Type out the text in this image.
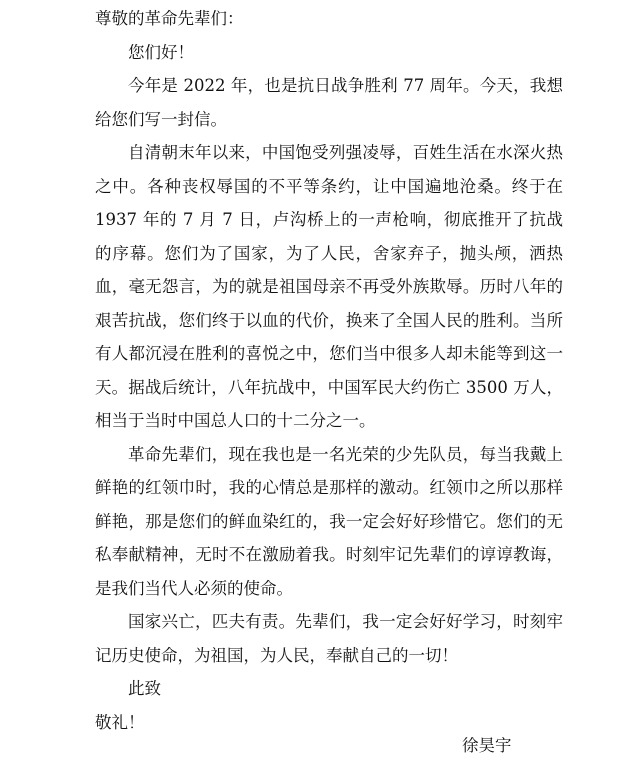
尊敬的革命先辈们：

您们好！

今年是 2022 年，也是抗日战争胜利 77 周年。今天，我想给您们写一封信。

自清朝末年以来，中国饱受列强凌辱，百姓生活在水深火热之中。各种丧权辱国的不平等条约，让中国遍地沧桑。终于在 1937 年的 7 月 7 日，卢沟桥上的一声枪响，彻底推开了抗战的序幕。您们为了国家，为了人民，舍家弃子，抛头颅，洒热血，毫无怨言，为的就是祖国母亲不再受外族欺辱。历时八年的艰苦抗战，您们终于以血的代价，换来了全国人民的胜利。当所有人都沉浸在胜利的喜悦之中，您们当中很多人却未能等到这一天。据战后统计，八年抗战中，中国军民大约伤亡 3500 万人，相当于当时中国总人口的十二分之一。

革命先辈们，现在我也是一名光荣的少先队员，每当我戴上鲜艳的红领巾时，我的心情总是那样的激动。红领巾之所以那样鲜艳，那是您们的鲜血染红的，我一定会好好珍惜它。您们的无私奉献精神，无时不在激励着我。时刻牢记先辈们的谆谆教诲，是我们当代人必须的使命。

国家兴亡，匹夫有责。先辈们，我一定会好好学习，时刻牢记历史使命，为祖国，为人民，奉献自己的一切！

此致

敬礼！

徐昊宇
